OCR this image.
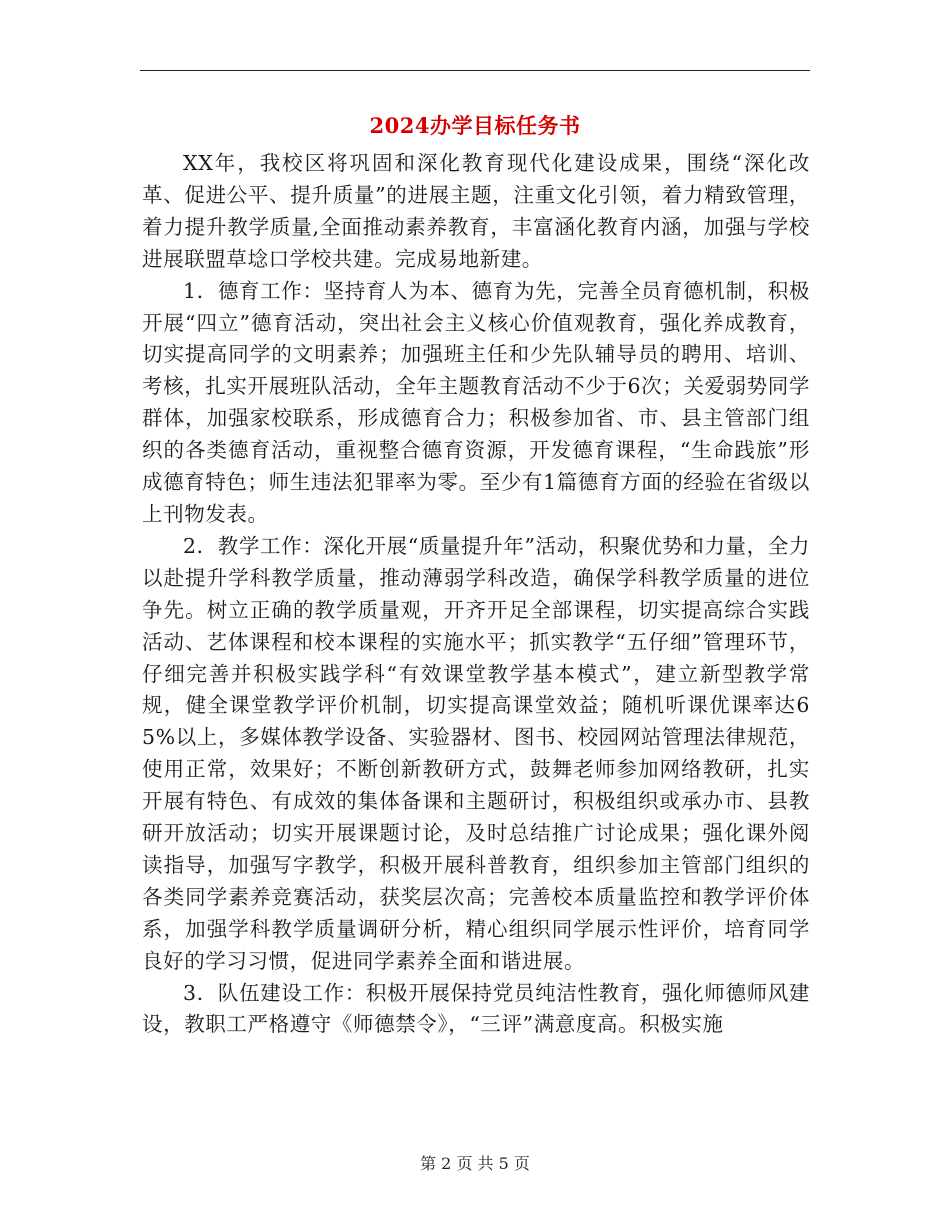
2024办学目标任务书

XX年，我校区将巩固和深化教育现代化建设成果，围绕“深化改革、促进公平、提升质量”的进展主题，注重文化引领，着力精致管理，着力提升教学质量,全面推动素养教育，丰富涵化教育内涵，加强与学校进展联盟草埝口学校共建。完成易地新建。

1．德育工作：坚持育人为本、德育为先，完善全员育德机制，积极开展“四立”德育活动，突出社会主义核心价值观教育，强化养成教育，切实提高同学的文明素养；加强班主任和少先队辅导员的聘用、培训、考核，扎实开展班队活动，全年主题教育活动不少于6次；关爱弱势同学群体，加强家校联系，形成德育合力；积极参加省、市、县主管部门组织的各类德育活动，重视整合德育资源，开发德育课程，“生命践旅”形成德育特色；师生违法犯罪率为零。至少有1篇德育方面的经验在省级以上刊物发表。

2．教学工作：深化开展“质量提升年”活动，积聚优势和力量，全力以赴提升学科教学质量，推动薄弱学科改造，确保学科教学质量的进位争先。树立正确的教学质量观，开齐开足全部课程，切实提高综合实践活动、艺体课程和校本课程的实施水平；抓实教学“五仔细”管理环节，仔细完善并积极实践学科“有效课堂教学基本模式”，建立新型教学常规，健全课堂教学评价机制，切实提高课堂效益；随机听课优课率达65%以上，多媒体教学设备、实验器材、图书、校园网站管理法律规范，使用正常，效果好；不断创新教研方式，鼓舞老师参加网络教研，扎实开展有特色、有成效的集体备课和主题研讨，积极组织或承办市、县教研开放活动；切实开展课题讨论，及时总结推广讨论成果；强化课外阅读指导，加强写字教学，积极开展科普教育，组织参加主管部门组织的各类同学素养竞赛活动，获奖层次高；完善校本质量监控和教学评价体系，加强学科教学质量调研分析，精心组织同学展示性评价，培育同学良好的学习习惯，促进同学素养全面和谐进展。

3．队伍建设工作：积极开展保持党员纯洁性教育，强化师德师风建设，教职工严格遵守《师德禁令》，“三评”满意度高。积极实施

第 2 页 共 5 页
